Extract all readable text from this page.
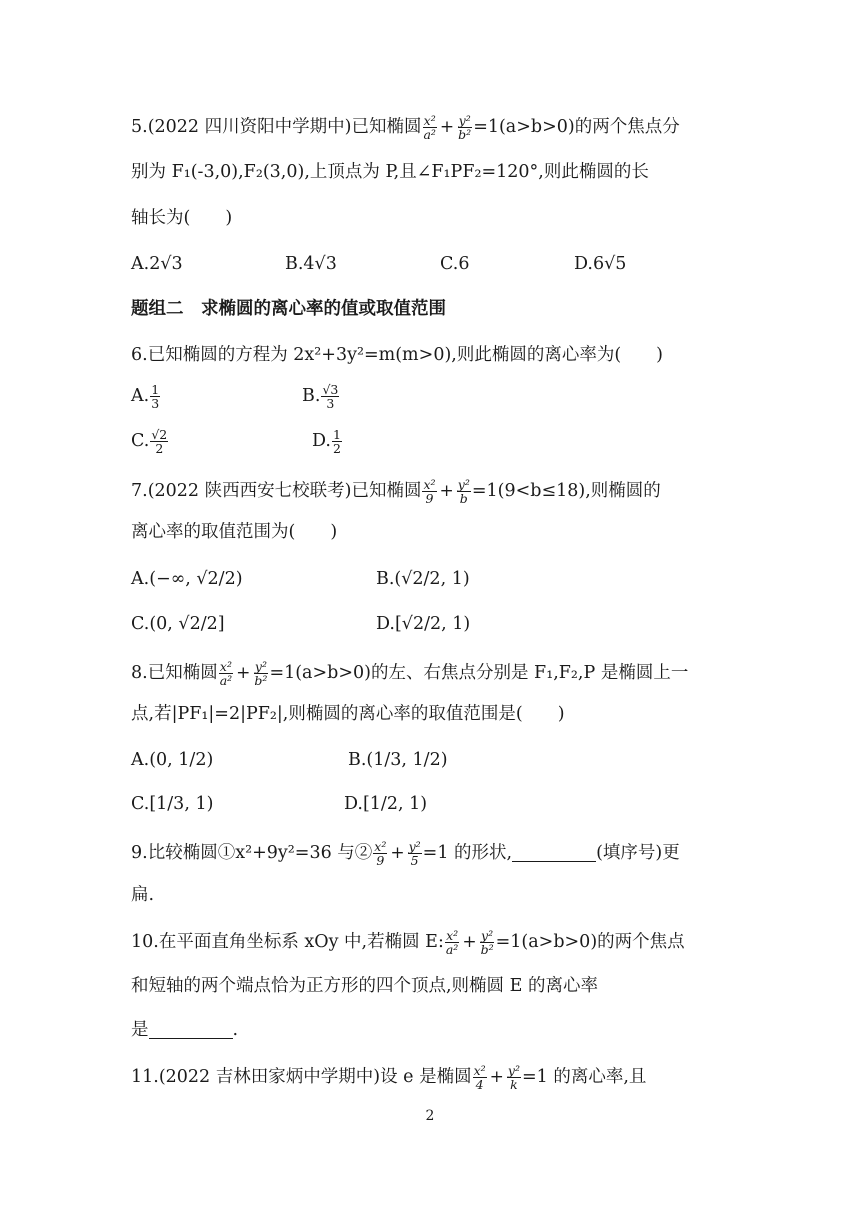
5.(2022 四川资阳中学期中)已知椭圆 $\frac{\text{x²}}{\text{a²}} + \frac{\text{y²}}{\text{b²}} =1(a>b>0)$的两个焦点分
别为 F₁(-3,0),F₂(3,0),上顶点为 P,且∠F₁PF₂=120°,则此椭圆的长
轴长为(　　)
A.2√3	B.4√3	C.6	D.6√5
题组二　求椭圆的离心率的值或取值范围
6.已知椭圆的方程为 2x²+3y²=m(m>0),则此椭圆的离心率为(　　)
A. $\frac{1}{3}$	B. $\frac{√3}{3}$
C. $\frac{√2}{2}$	D. $\frac{1}{2}$
7.(2022 陕西西安七校联考)已知椭圆 $\frac{\text{x²}}{9} + \frac{\text{y²}}{b} =1(9<b\le 18)$,则椭圆的
离心率的取值范围为(　　)
A.(−∞, √2/2)	B.(√2/2, 1)
C.(0, √2/2]	D.[√2/2, 1)
8.已知椭圆 $\frac{\text{x²}}{\text{a²}} + \frac{\text{y²}}{\text{b²}} =1(a>b>0)$的左、右焦点分别是 F₁,F₂,P 是椭圆上一
点,若|PF₁|=2|PF₂|,则椭圆的离心率的取值范围是(　　)
A.(0, 1/2)	B.(1/3, 1/2)
C.[1/3, 1)	D.[1/2, 1)
9.比较椭圆①x²+9y²=36 与② $\frac{\text{x²}}{9} + \frac{\text{y²}}{5} =1$ 的形状,	(填序号)更
扁.
10.在平面直角坐标系 xOy 中,若椭圆 E: $\frac{\text{x²}}{\text{a²}} + \frac{\text{y²}}{\text{b²}} =1(a>b>0)$的两个焦点
和短轴的两个端点恰为正方形的四个顶点,则椭圆 E 的离心率
是	.
11.(2022 吉林田家炳中学期中)设 e 是椭圆 $\frac{\text{x²}}{4} + \frac{\text{y²}}{k} =1$ 的离心率,且
2
